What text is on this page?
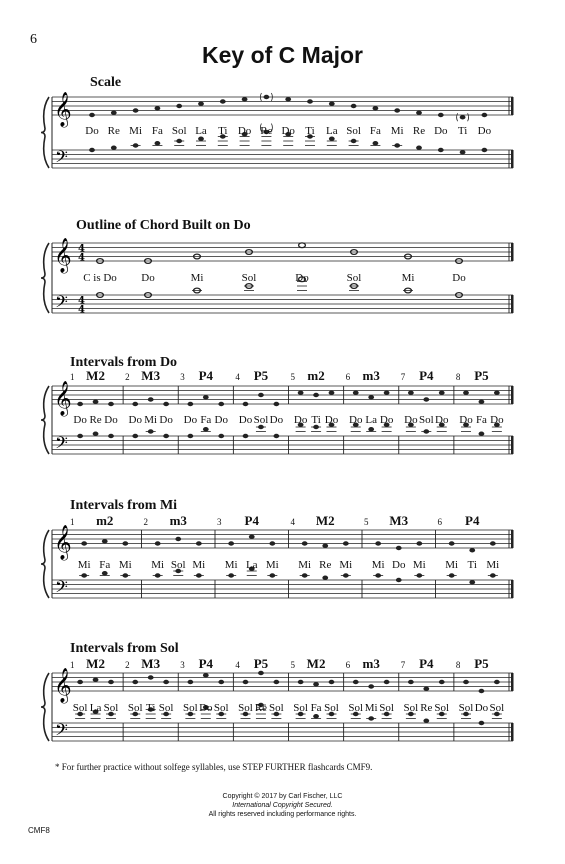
6
Key of C Major
Scale
𝄞
𝄢
𝄞
𝄢
4
4
4
4
𝄞
𝄢
𝄞
𝄢
𝄞
𝄢
Do Re Mi Fa Sol La Ti Do Re Do Ti La Sol Fa Mi Re Do Ti Do
Outline of Chord Built on Do
C is Do Do	Mi	Sol	Do	Sol	Mi	Do
Intervals from Do
1 M2 2 M3 3 P4 4 P5 5 m2 6 m3 7 P4 8 P5
Do Re Do Do Mi Do Do Fa Do Do Sol Do Do Ti Do Do La Do Do Sol Do Do Fa Do
Intervals from Mi
1 m2	2 m3	3 P4	4 M2	5 M3	6 P4
Mi Fa Mi Mi Sol Mi Mi La Mi Mi Re Mi Mi Do Mi Mi Ti Mi
Intervals from Sol
1 M2 2 M3 3 P4 4 P5 5 M2 6 m3 7 P4 8 P5
Sol La Sol Sol Ti Sol Sol Do Sol Sol Re Sol Sol Fa Sol Sol Mi Sol Sol Re Sol Sol Do Sol
* For further practice without solfege syllables, use STEP FURTHER flashcards CMF9.
Copyright © 2017 by Carl Fischer, LLC
International Copyright Secured.
All rights reserved including performance rights.
CMF8
